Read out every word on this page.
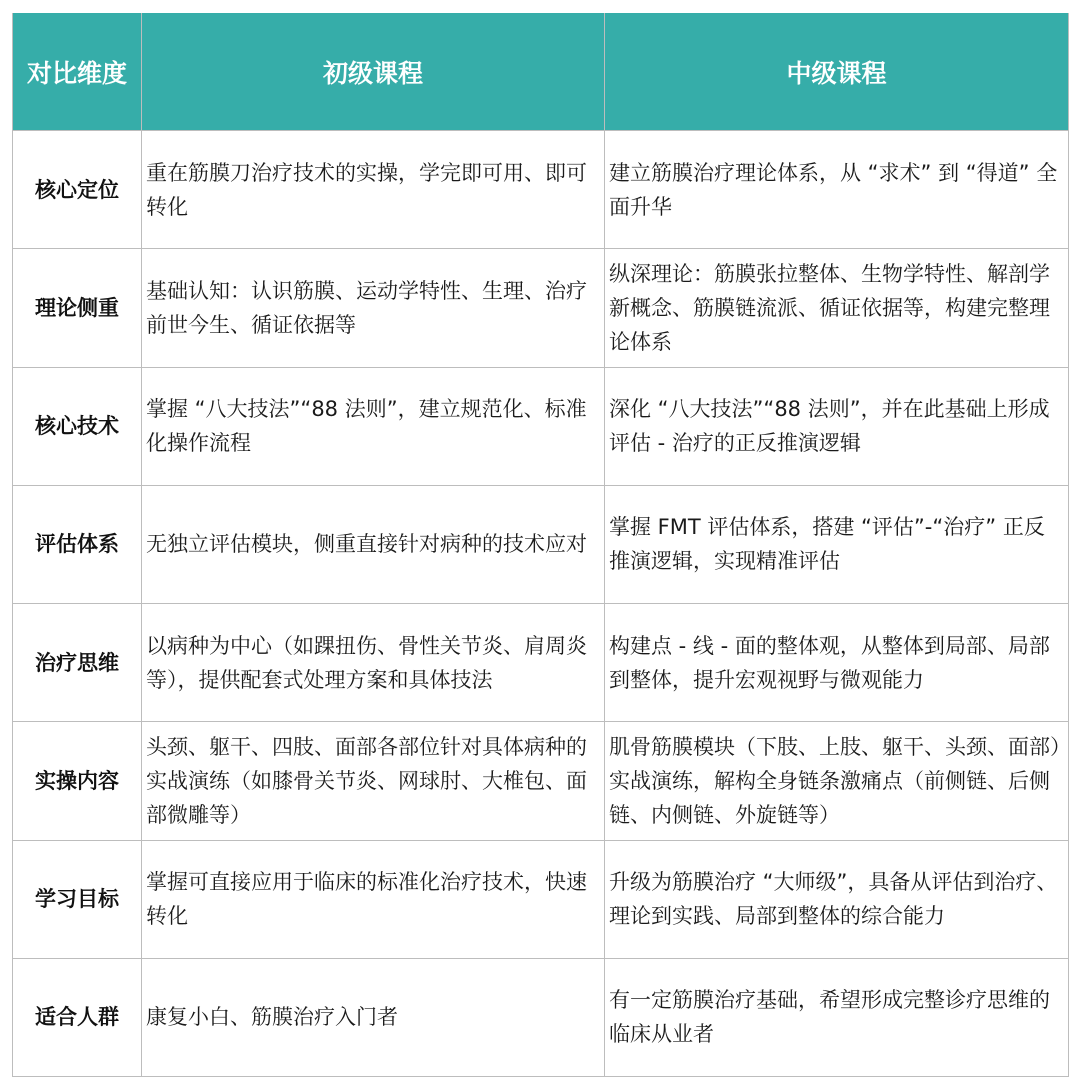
对比维度	初级课程	中级课程
核心定位	重在筋膜刀治疗技术的实操，学完即可用、即可转化	建立筋膜治疗理论体系，从 “求术” 到 “得道” 全面升华

理论侧重	基础认知：认识筋膜、运动学特性、生理、治疗前世今生、循证依据等	纵深理论：筋膜张拉整体、生物学特性、解剖学新概念、筋膜链流派、循证依据等，构建完整理论体系

核心技术	掌握 “八大技法”“88 法则”，建立规范化、标准化操作流程	深化 “八大技法”“88 法则”，并在此基础上形成评估 - 治疗的正反推演逻辑

评估体系	无独立评估模块，侧重直接针对病种的技术应对	掌握 FMT 评估体系，搭建 “评估”-“治疗” 正反推演逻辑，实现精准评估

治疗思维	以病种为中心（如踝扭伤、骨性关节炎、肩周炎等），提供配套式处理方案和具体技法	构建点 - 线 - 面的整体观，从整体到局部、局部到整体，提升宏观视野与微观能力

实操内容	头颈、躯干、四肢、面部各部位针对具体病种的实战演练（如膝骨关节炎、网球肘、大椎包、面部微雕等）	肌骨筋膜模块（下肢、上肢、躯干、头颈、面部）实战演练，解构全身链条激痛点（前侧链、后侧链、内侧链、外旋链等）

学习目标	掌握可直接应用于临床的标准化治疗技术，快速转化	升级为筋膜治疗 “大师级”，具备从评估到治疗、理论到实践、局部到整体的综合能力

适合人群	康复小白、筋膜治疗入门者	有一定筋膜治疗基础，希望形成完整诊疗思维的临床从业者
